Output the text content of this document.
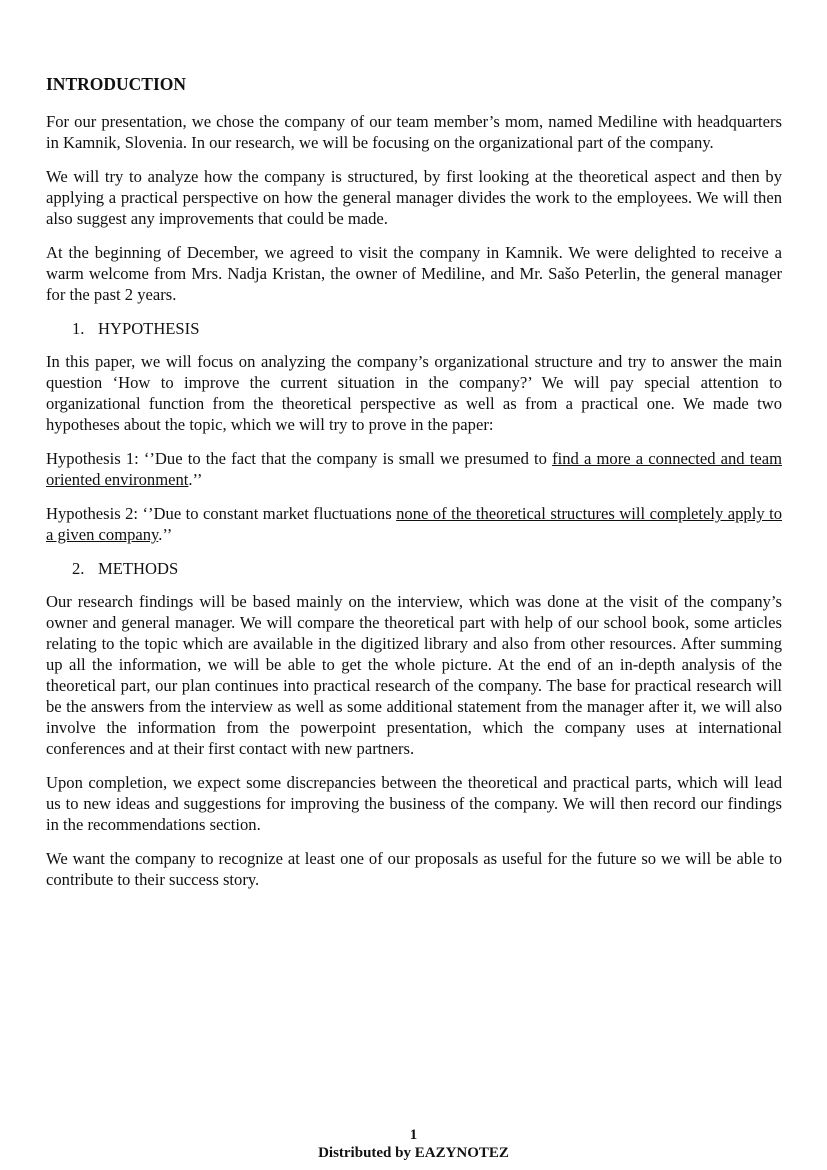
INTRODUCTION

For our presentation, we chose the company of our team member’s mom, named Mediline with headquarters in Kamnik, Slovenia. In our research, we will be focusing on the organizational part of the company.

We will try to analyze how the company is structured, by first looking at the theoretical aspect and then by applying a practical perspective on how the general manager divides the work to the employees. We will then also suggest any improvements that could be made.

At the beginning of December, we agreed to visit the company in Kamnik. We were delighted to receive a warm welcome from Mrs. Nadja Kristan, the owner of Mediline, and Mr. Sašo Peterlin, the general manager for the past 2 years.

1. HYPOTHESIS

In this paper, we will focus on analyzing the company’s organizational structure and try to answer the main question ‘How to improve the current situation in the company?’ We will pay special attention to organizational function from the theoretical perspective as well as from a practical one. We made two hypotheses about the topic, which we will try to prove in the paper:

Hypothesis 1: ‘’Due to the fact that the company is small we presumed to find a more a connected and team oriented environment.’’

Hypothesis 2: ‘’Due to constant market fluctuations none of the theoretical structures will completely apply to a given company.’’

2. METHODS

Our research findings will be based mainly on the interview, which was done at the visit of the company’s owner and general manager. We will compare the theoretical part with help of our school book, some articles relating to the topic which are available in the digitized library and also from other resources. After summing up all the information, we will be able to get the whole picture. At the end of an in-depth analysis of the theoretical part, our plan continues into practical research of the company. The base for practical research will be the answers from the interview as well as some additional statement from the manager after it, we will also involve the information from the powerpoint presentation, which the company uses at international conferences and at their first contact with new partners.

Upon completion, we expect some discrepancies between the theoretical and practical parts, which will lead us to new ideas and suggestions for improving the business of the company. We will then record our findings in the recommendations section.

We want the company to recognize at least one of our proposals as useful for the future so we will be able to contribute to their success story.

1
Distributed by EAZYNOTEZ
